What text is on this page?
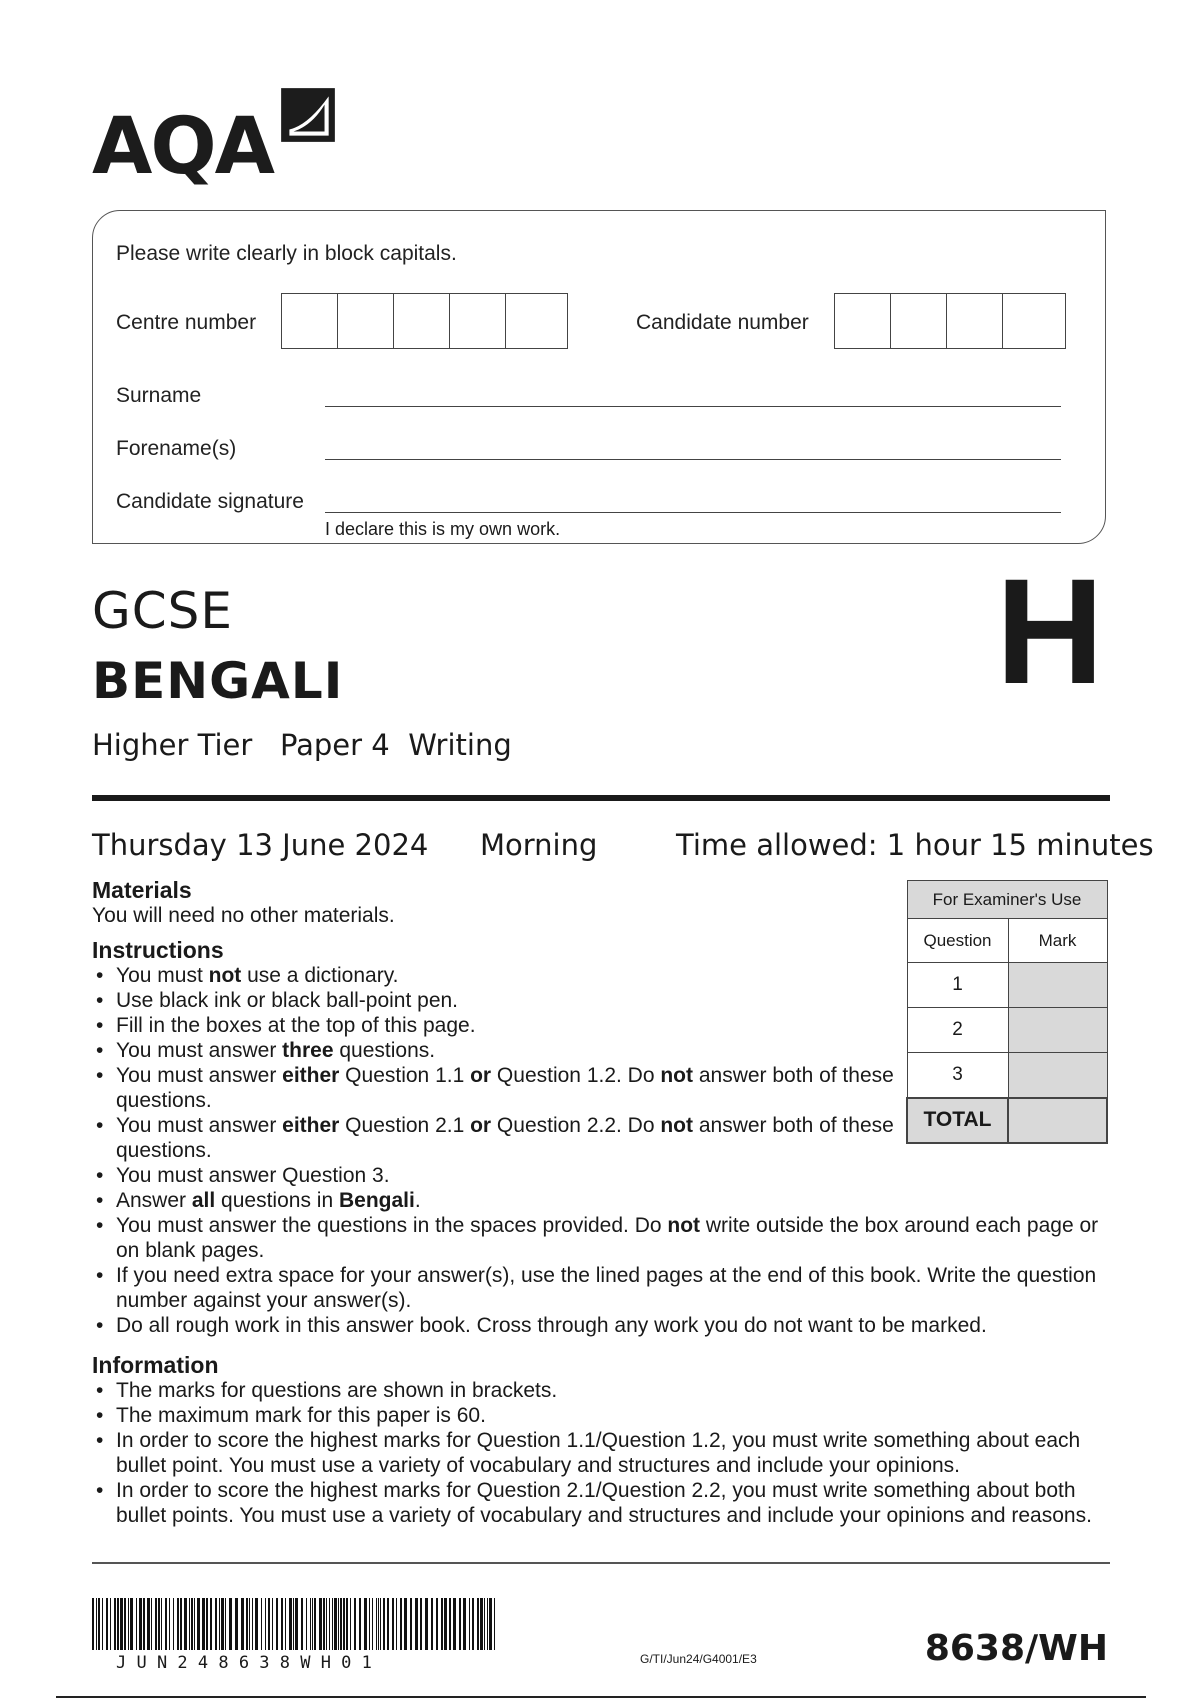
AQA
Please write clearly in block capitals.
Centre number	Candidate number
Surname
Forename(s)
Candidate signature
I declare this is my own work.
GCSE
BENGALI
Higher Tier Paper 4 Writing
H
Thursday 13 June 2024 Morning	Time allowed: 1 hour 15 minutes
Materials
You will need no other materials.
Instructions
• You must not use a dictionary.
• Use black ink or black ball-point pen.
• Fill in the boxes at the top of this page.
• You must answer three questions.
• You must answer either Question 1.1 or Question 1.2. Do not answer both of these questions.
• You must answer either Question 2.1 or Question 2.2. Do not answer both of these questions.
• You must answer Question 3.
• Answer all questions in Bengali.
• You must answer the questions in the spaces provided. Do not write outside the box around each page or on blank pages.
• If you need extra space for your answer(s), use the lined pages at the end of this book. Write the question number against your answer(s).
• Do all rough work in this answer book. Cross through any work you do not want to be marked.
Information
• The marks for questions are shown in brackets.
• The maximum mark for this paper is 60.
• In order to score the highest marks for Question 1.1/Question 1.2, you must write something about each bullet point. You must use a variety of vocabulary and structures and include your opinions.
• In order to score the highest marks for Question 2.1/Question 2.2, you must write something about both bullet points. You must use a variety of vocabulary and structures and include your opinions and reasons.
For Examiner's Use	
Question	Mark
1	
2	
3	
TOTAL	
J U N 2 4 8 6 3 8 W H 0 1	G/TI/Jun24/G4001/E3	8638/WH
